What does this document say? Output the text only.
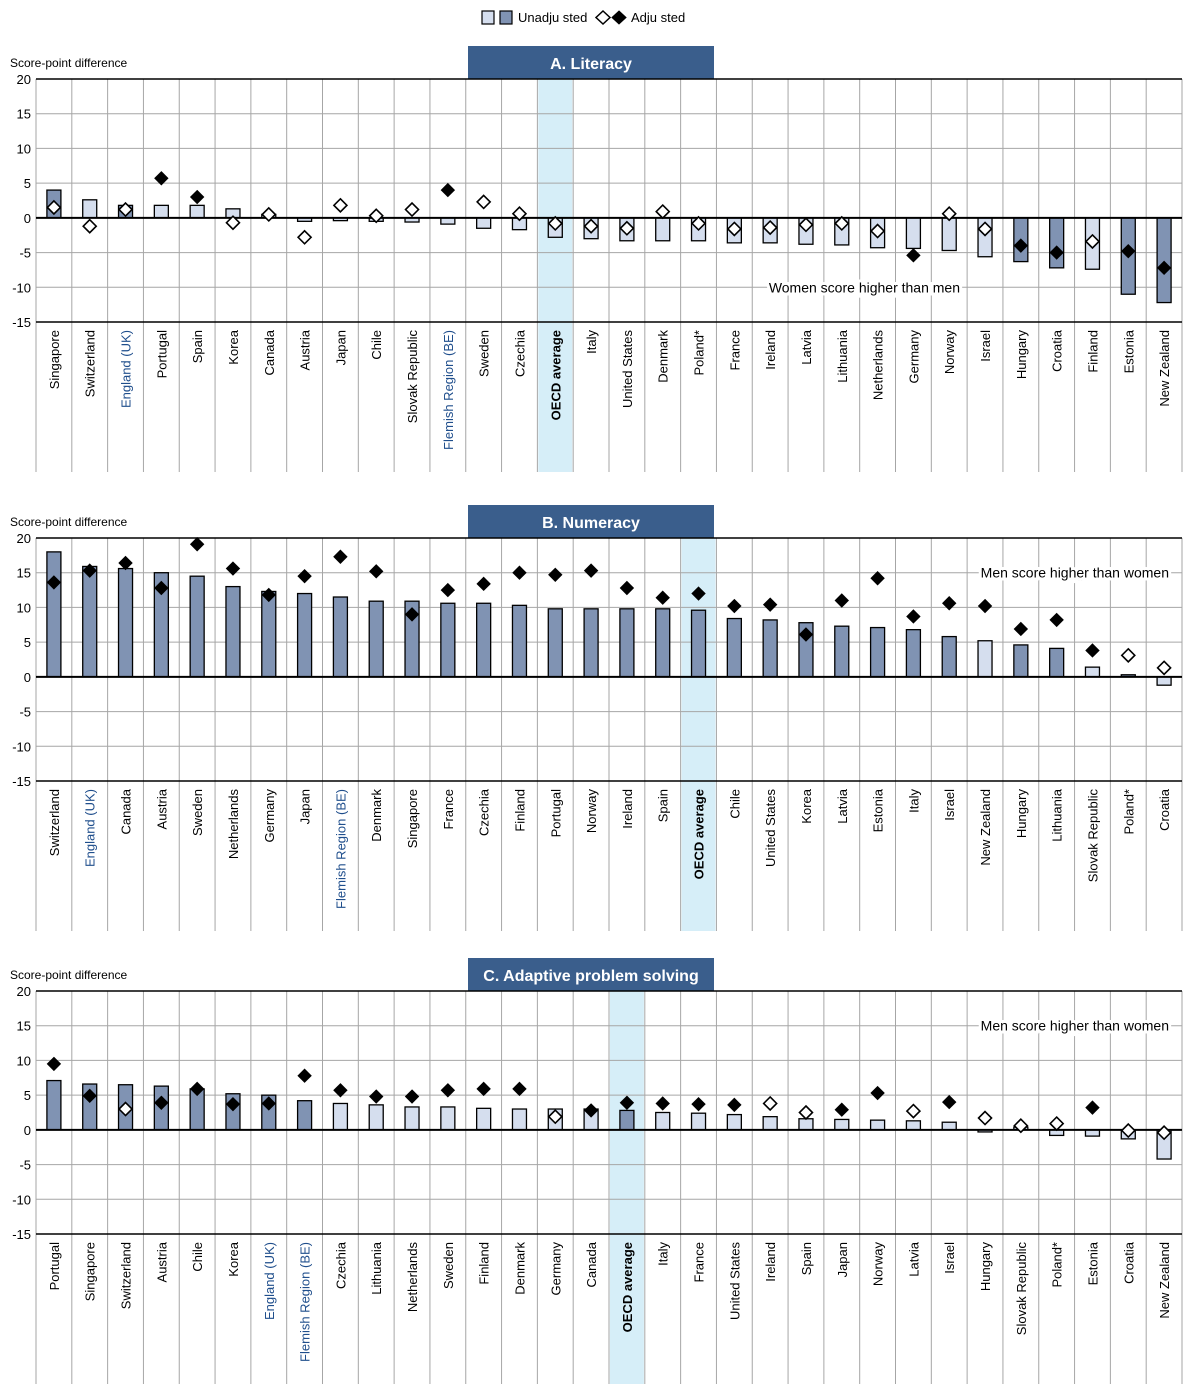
Unadju sted	Adju sted
A. Literacy
Score-point difference
20
15
10
5
0
-5
-10
-15
Women score higher than men
Singapore Switzerland England (UK) Portugal Spain Korea Canada Austria Japan Chile Slovak Republic Flemish Region (BE) Sweden Czechia OECD average Italy United States Denmark Poland* France Ireland Latvia Lithuania Netherlands Germany Norway Israel Hungary Croatia Finland Estonia New Zealand
B. Numeracy
Score-point difference
20
15
10
5
0
-5
-10
-15
Men score higher than women
Switzerland England (UK) Canada Austria Sweden Netherlands Germany Japan Flemish Region (BE) Denmark Singapore France Czechia Finland Portugal Norway Ireland Spain OECD average Chile United States Korea Latvia Estonia Italy Israel New Zealand Hungary Lithuania Slovak Republic Poland* Croatia
C. Adaptive problem solving
Score-point difference
20
15
10
5
0
-5
-10
-15
Men score higher than women
Portugal Singapore Switzerland Austria Chile Korea England (UK) Flemish Region (BE) Czechia Lithuania Netherlands Sweden Finland Denmark Germany Canada OECD average Italy France United States Ireland Spain Japan Norway Latvia Israel Hungary Slovak Republic Poland* Estonia Croatia New Zealand
